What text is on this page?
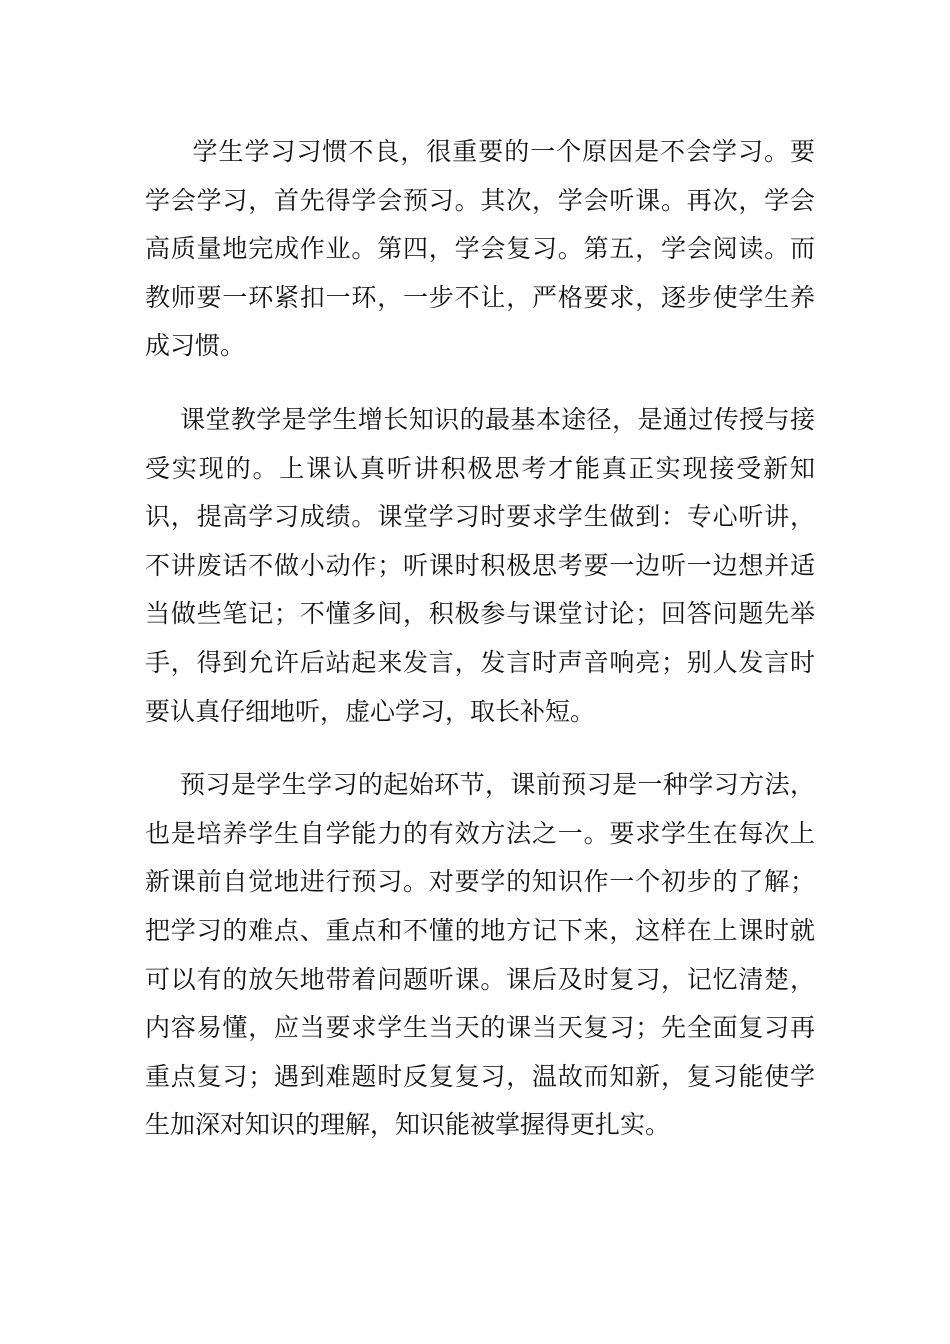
学生学习习惯不良，很重要的一个原因是不会学习。要学会学习，首先得学会预习。其次，学会听课。再次，学会高质量地完成作业。第四，学会复习。第五，学会阅读。而教师要一环紧扣一环，一步不让，严格要求，逐步使学生养成习惯。

课堂教学是学生增长知识的最基本途径，是通过传授与接受实现的。上课认真听讲积极思考才能真正实现接受新知识，提高学习成绩。课堂学习时要求学生做到：专心听讲，不讲废话不做小动作；听课时积极思考要一边听一边想并适当做些笔记；不懂多间，积极参与课堂讨论；回答问题先举手，得到允许后站起来发言，发言时声音响亮；别人发言时要认真仔细地听，虚心学习，取长补短。

预习是学生学习的起始环节，课前预习是一种学习方法，也是培养学生自学能力的有效方法之一。要求学生在每次上新课前自觉地进行预习。对要学的知识作一个初步的了解；把学习的难点、重点和不懂的地方记下来，这样在上课时就可以有的放矢地带着问题听课。课后及时复习，记忆清楚，内容易懂，应当要求学生当天的课当天复习；先全面复习再重点复习；遇到难题时反复复习，温故而知新，复习能使学生加深对知识的理解，知识能被掌握得更扎实。
